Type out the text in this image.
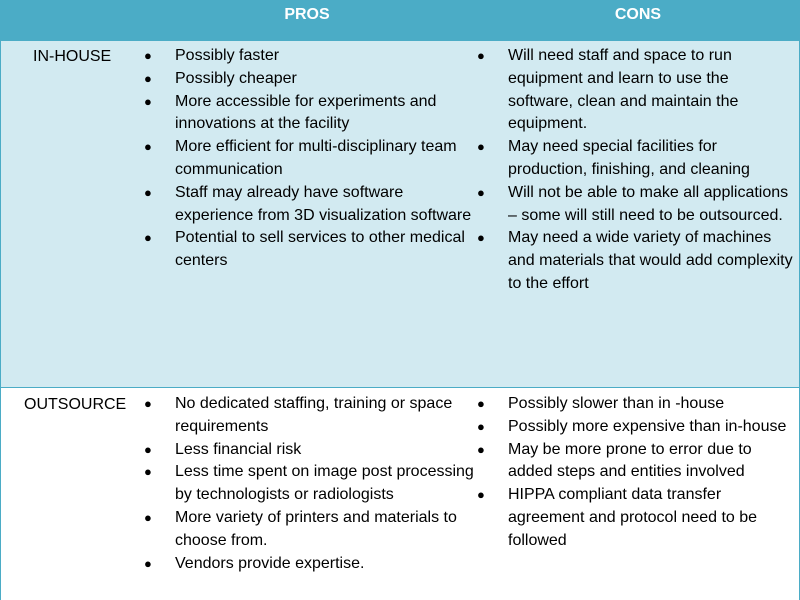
PROS	CONS
IN-HOUSE	● Possibly faster
● Possibly cheaper
● More accessible for experiments and innovations at the facility
● More efficient for multi-disciplinary team communication
● Staff may already have software experience from 3D visualization software
● Potential to sell services to other medical centers
● Will need staff and space to run equipment and learn to use the software, clean and maintain the equipment.
● May need special facilities for production, finishing, and cleaning
● Will not be able to make all applications – some will still need to be outsourced.
● May need a wide variety of machines and materials that would add complexity to the effort
OUTSOURCE ● No dedicated staffing, training or space requirements
● Less financial risk
● Less time spent on image post processing by technologists or radiologists
● More variety of printers and materials to choose from.
● Vendors provide expertise.
● Possibly slower than in -house
● Possibly more expensive than in-house
● May be more prone to error due to added steps and entities involved
● HIPPA compliant data transfer agreement and protocol need to be followed
